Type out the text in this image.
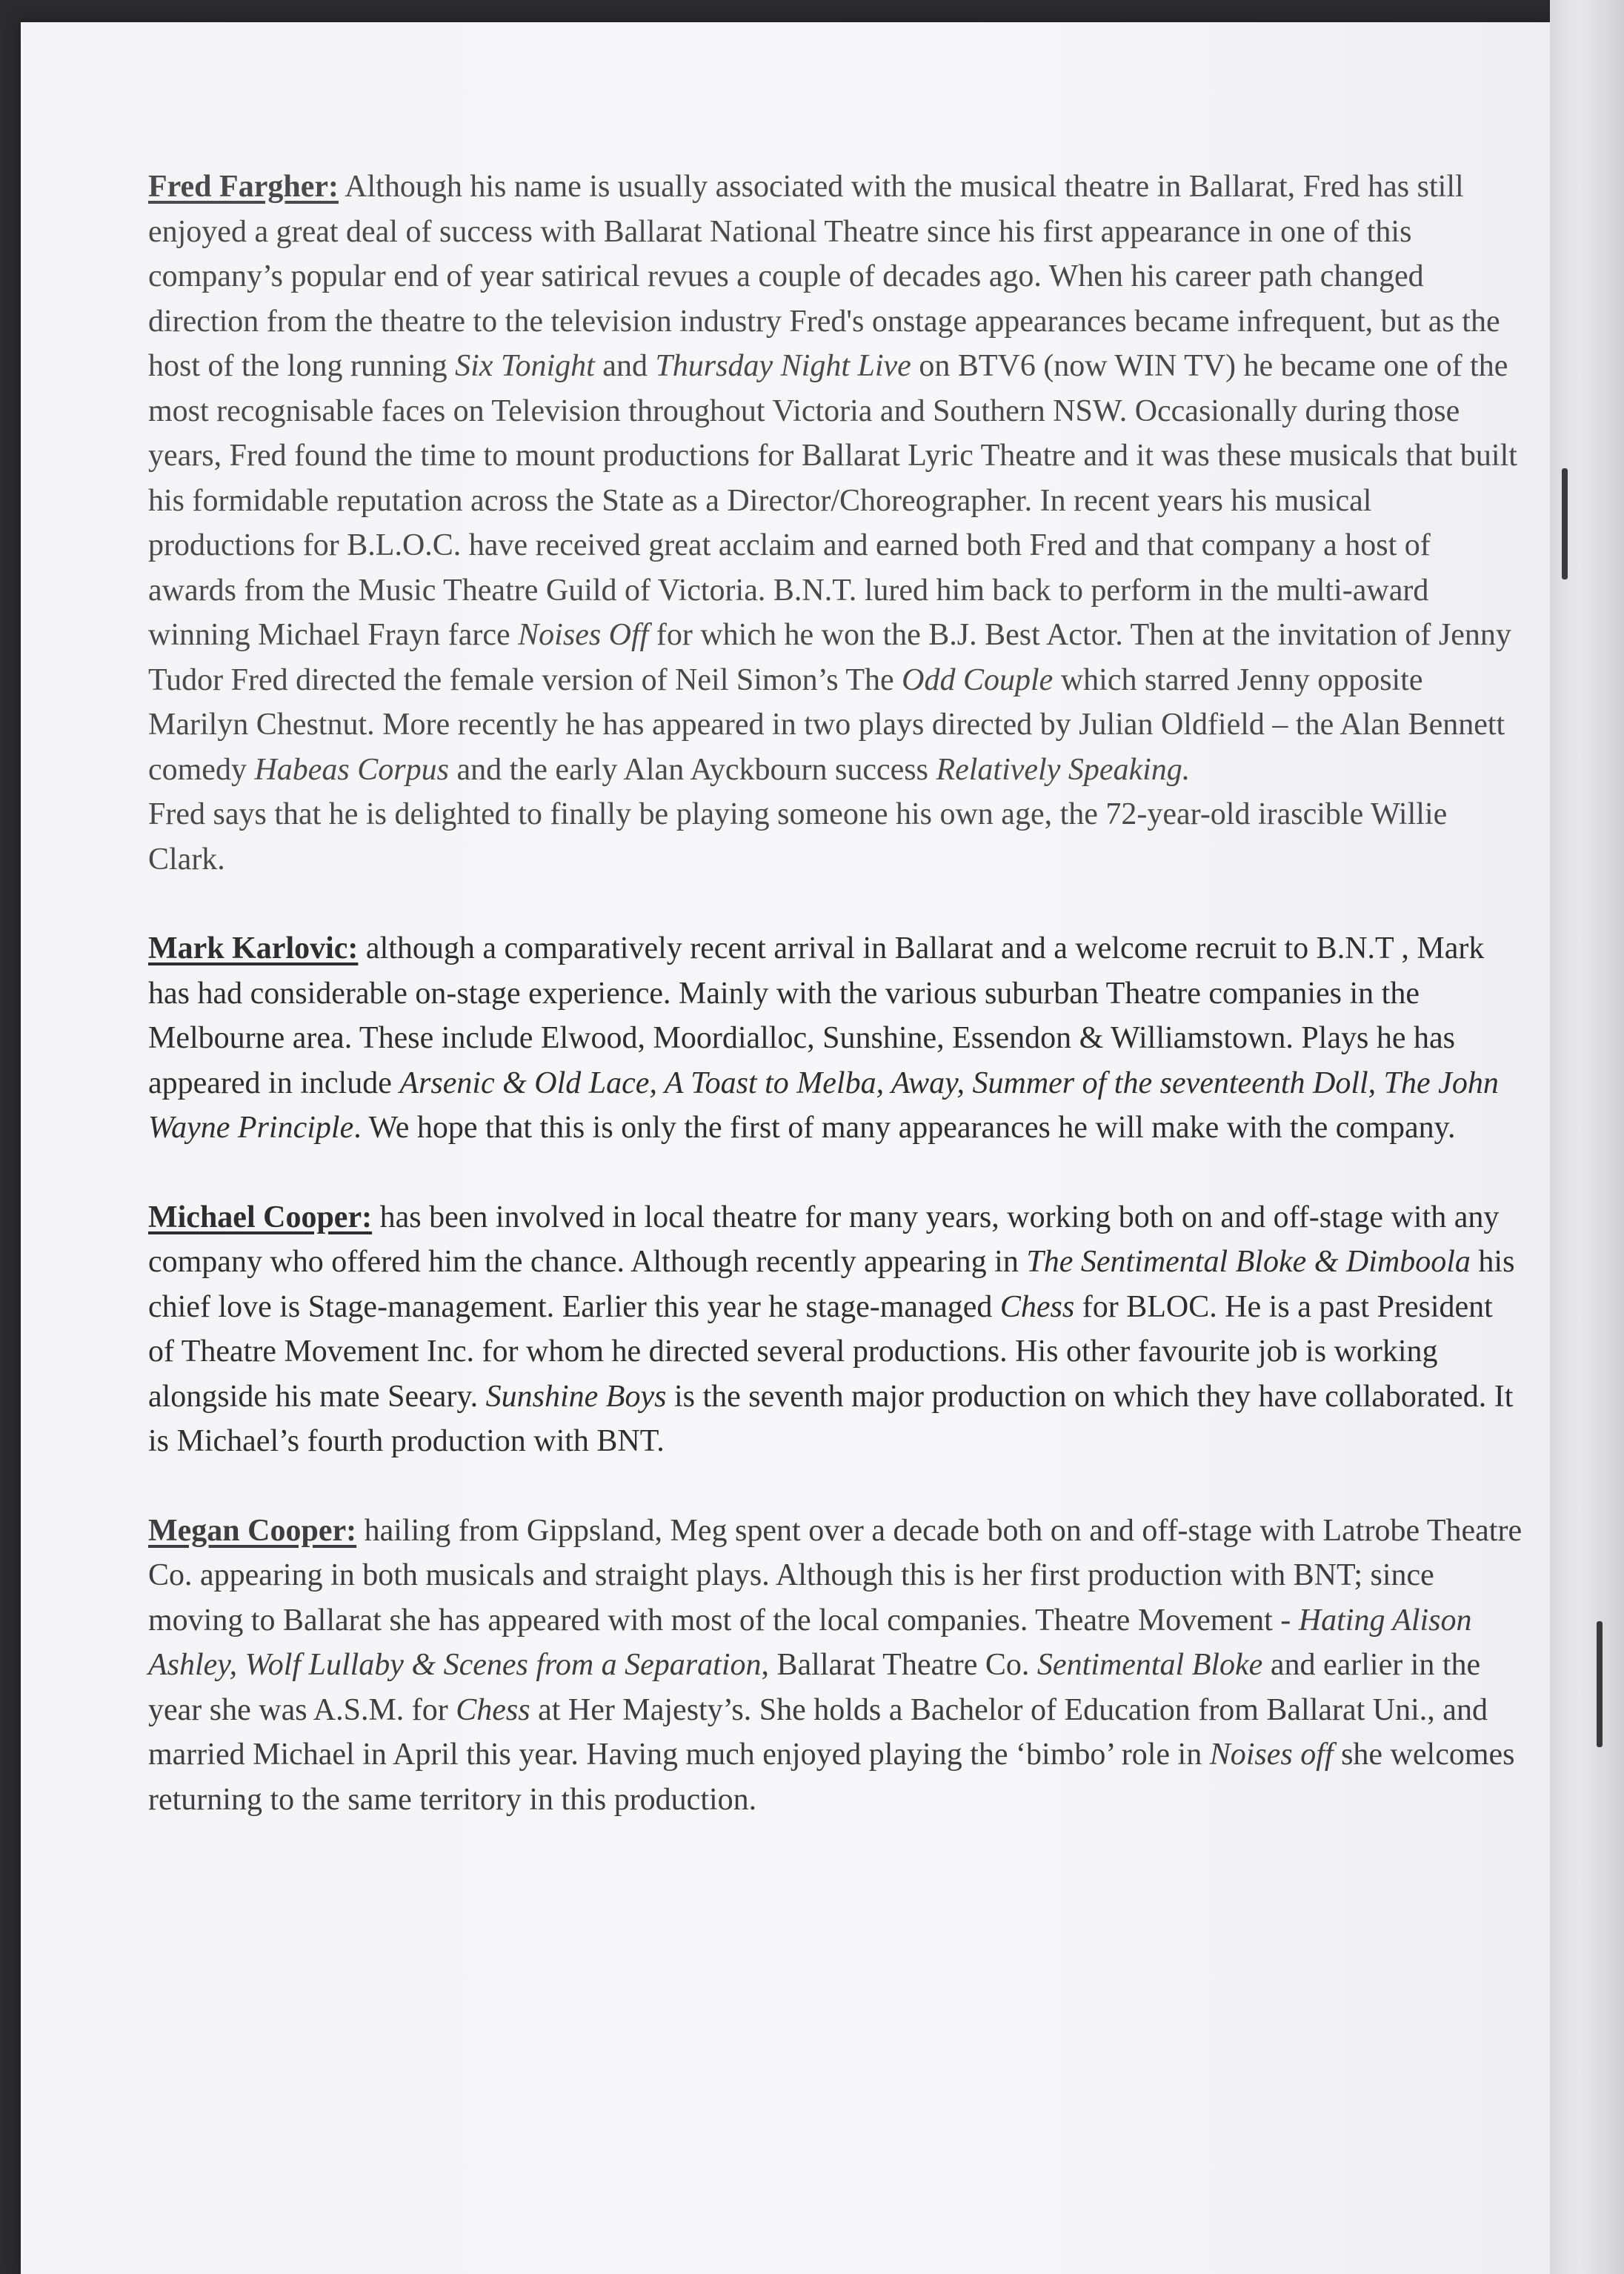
Fred Fargher: Although his name is usually associated with the musical theatre in Ballarat, Fred has still enjoyed a great deal of success with Ballarat National Theatre since his first appearance in one of this company’s popular end of year satirical revues a couple of decades ago. When his career path changed direction from the theatre to the television industry Fred's onstage appearances became infrequent, but as the host of the long running Six Tonight and Thursday Night Live on BTV6 (now WIN TV) he became one of the most recognisable faces on Television throughout Victoria and Southern NSW. Occasionally during those years, Fred found the time to mount productions for Ballarat Lyric Theatre and it was these musicals that built his formidable reputation across the State as a Director/Choreographer. In recent years his musical productions for B.L.O.C. have received great acclaim and earned both Fred and that company a host of awards from the Music Theatre Guild of Victoria. B.N.T. lured him back to perform in the multi-award winning Michael Frayn farce Noises Off for which he won the B.J. Best Actor. Then at the invitation of Jenny Tudor Fred directed the female version of Neil Simon’s The Odd Couple which starred Jenny opposite Marilyn Chestnut. More recently he has appeared in two plays directed by Julian Oldfield – the Alan Bennett comedy Habeas Corpus and the early Alan Ayckbourn success Relatively Speaking.

Fred says that he is delighted to finally be playing someone his own age, the 72-year-old irascible Willie Clark.

Mark Karlovic: although a comparatively recent arrival in Ballarat and a welcome recruit to B.N.T , Mark has had considerable on-stage experience. Mainly with the various suburban Theatre companies in the Melbourne area. These include Elwood, Moordialloc, Sunshine, Essendon & Williamstown. Plays he has appeared in include Arsenic & Old Lace, A Toast to Melba, Away, Summer of the seventeenth Doll, The John Wayne Principle. We hope that this is only the first of many appearances he will make with the company.

Michael Cooper: has been involved in local theatre for many years, working both on and off-stage with any company who offered him the chance. Although recently appearing in The Sentimental Bloke & Dimboola his chief love is Stage-management. Earlier this year he stage-managed Chess for BLOC. He is a past President of Theatre Movement Inc. for whom he directed several productions. His other favourite job is working alongside his mate Seeary. Sunshine Boys is the seventh major production on which they have collaborated. It is Michael’s fourth production with BNT.

Megan Cooper: hailing from Gippsland, Meg spent over a decade both on and off-stage with Latrobe Theatre Co. appearing in both musicals and straight plays. Although this is her first production with BNT; since moving to Ballarat she has appeared with most of the local companies. Theatre Movement - Hating Alison Ashley, Wolf Lullaby & Scenes from a Separation, Ballarat Theatre Co. Sentimental Bloke and earlier in the year she was A.S.M. for Chess at Her Majesty’s. She holds a Bachelor of Education from Ballarat Uni., and married Michael in April this year. Having much enjoyed playing the ‘bimbo’ role in Noises off she welcomes returning to the same territory in this production.
